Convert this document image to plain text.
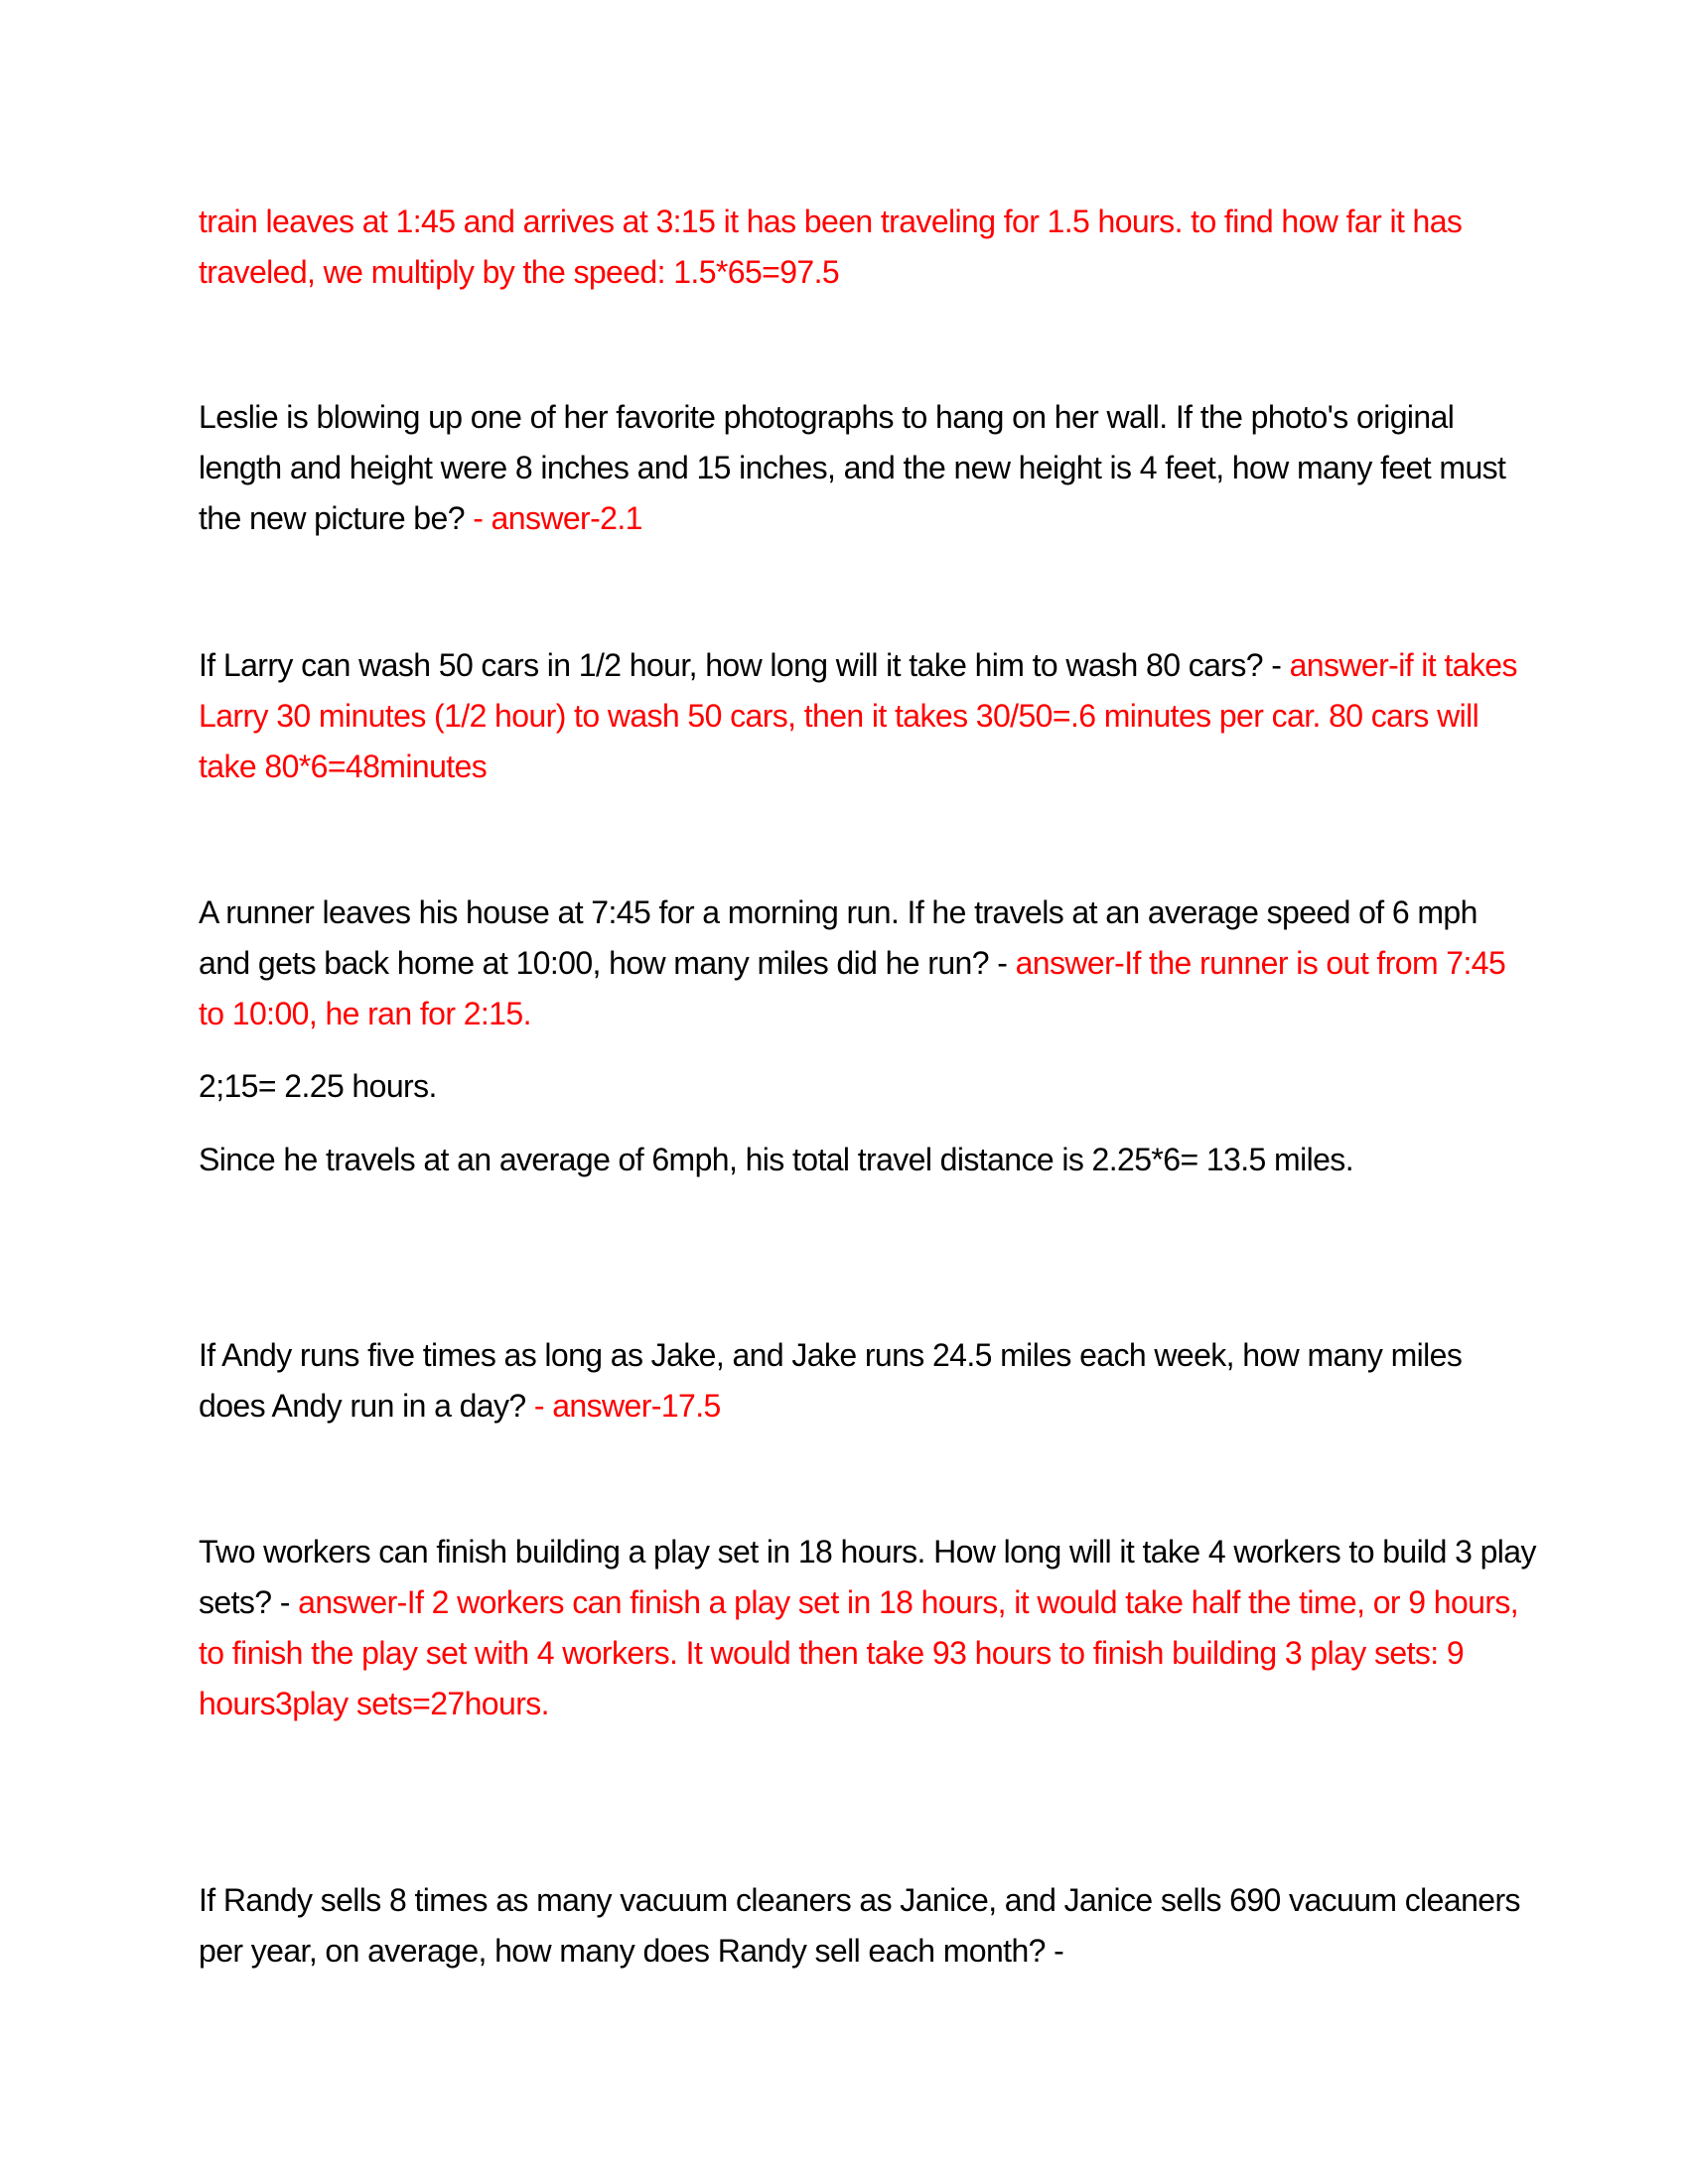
train leaves at 1:45 and arrives at 3:15 it has been traveling for 1.5 hours. to find how far it has traveled, we multiply by the speed: 1.5*65=97.5

Leslie is blowing up one of her favorite photographs to hang on her wall. If the photo's original length and height were 8 inches and 15 inches, and the new height is 4 feet, how many feet must the new picture be? - answer-2.1

If Larry can wash 50 cars in 1/2 hour, how long will it take him to wash 80 cars? - answer-if it takes Larry 30 minutes (1/2 hour) to wash 50 cars, then it takes 30/50=.6 minutes per car. 80 cars will take 80*6=48minutes

A runner leaves his house at 7:45 for a morning run. If he travels at an average speed of 6 mph and gets back home at 10:00, how many miles did he run? - answer-If the runner is out from 7:45 to 10:00, he ran for 2:15.

2;15= 2.25 hours.

Since he travels at an average of 6mph, his total travel distance is 2.25*6= 13.5 miles.

If Andy runs five times as long as Jake, and Jake runs 24.5 miles each week, how many miles does Andy run in a day? - answer-17.5

Two workers can finish building a play set in 18 hours. How long will it take 4 workers to build 3 play sets? - answer-If 2 workers can finish a play set in 18 hours, it would take half the time, or 9 hours, to finish the play set with 4 workers. It would then take 93 hours to finish building 3 play sets: 9 hours3play sets=27hours.

If Randy sells 8 times as many vacuum cleaners as Janice, and Janice sells 690 vacuum cleaners per year, on average, how many does Randy sell each month? -
